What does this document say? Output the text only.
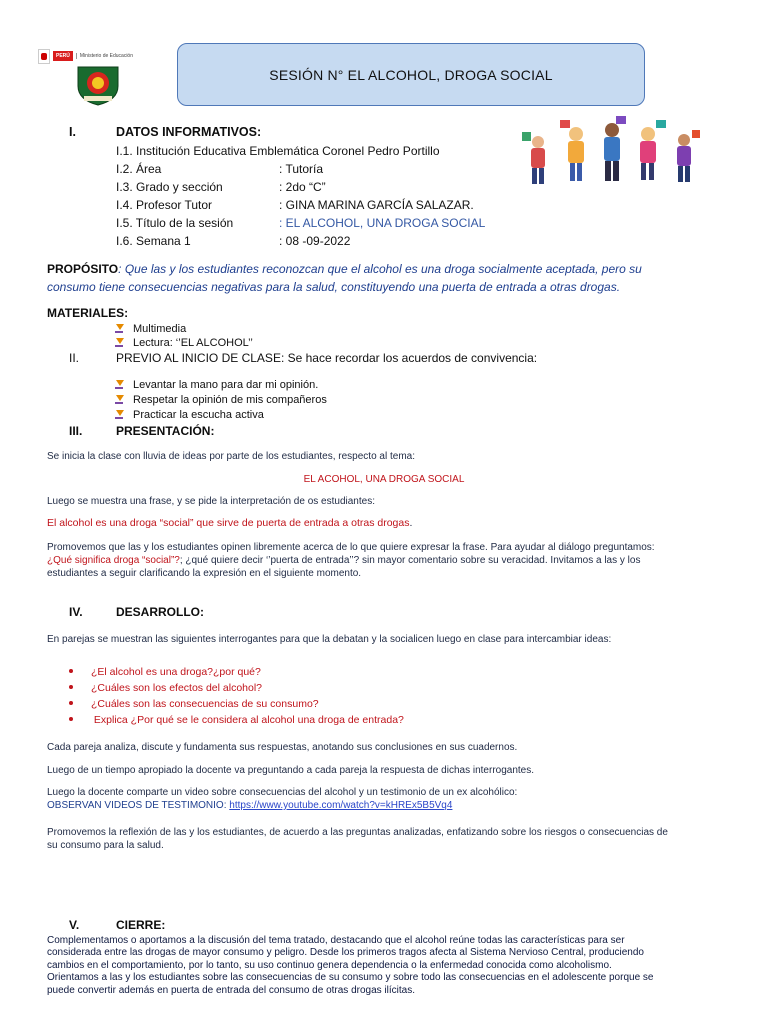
PERÚ	Ministerio de Educación
SESIÓN N° EL ALCOHOL, DROGA SOCIAL
I.	DATOS INFORMATIVOS:
I.1. Institución Educativa Emblemática Coronel Pedro Portillo
I.2. Área	: Tutoría
I.3. Grado y sección	: 2do “C”
I.4. Profesor Tutor	: GINA MARINA GARCÍA SALAZAR.
I.5. Título de la sesión	: EL ALCOHOL, UNA DROGA SOCIAL
I.6. Semana 1	: 08 -09-2022
PROPÓSITO: Que las y los estudiantes reconozcan que el alcohol es una droga socialmente aceptada, pero su
consumo tiene consecuencias negativas para la salud, constituyendo una puerta de entrada a otras drogas.
MATERIALES:
Multimedia
Lectura: ‘’EL ALCOHOL’’
II.	PREVIO AL INICIO DE CLASE: Se hace recordar los acuerdos de convivencia:
Levantar la mano para dar mi opinión.
Respetar la opinión de mis compañeros
Practicar la escucha activa
III.	PRESENTACIÓN:
Se inicia la clase con lluvia de ideas por parte de los estudiantes, respecto al tema:
EL ACOHOL, UNA DROGA SOCIAL
Luego se muestra una frase, y se pide la interpretación de os estudiantes:
El alcohol es una droga “social” que sirve de puerta de entrada a otras drogas.
Promovemos que las y los estudiantes opinen libremente acerca de lo que quiere expresar la frase. Para ayudar al diálogo preguntamos:
¿Qué significa droga “social”?; ¿qué quiere decir ‘’puerta de entrada’’? sin mayor comentario sobre su veracidad. Invitamos a las y los
estudiantes a seguir clarificando la expresión en el siguiente momento.
IV.	DESARROLLO:
En parejas se muestran las siguientes interrogantes para que la debatan y la socialicen luego en clase para intercambiar ideas:
¿El alcohol es una droga?¿por qué?
¿Cuáles son los efectos del alcohol?
¿Cuáles son las consecuencias de su consumo?
Explica ¿Por qué se le considera al alcohol una droga de entrada?
Cada pareja analiza, discute y fundamenta sus respuestas, anotando sus conclusiones en sus cuadernos.
Luego de un tiempo apropiado la docente va preguntando a cada pareja la respuesta de dichas interrogantes.
Luego la docente comparte un video sobre consecuencias del alcohol y un testimonio de un ex alcohólico:
OBSERVAN VIDEOS DE TESTIMONIO: https://www.youtube.com/watch?v=kHREx5B5Vq4
Promovemos la reflexión de las y los estudiantes, de acuerdo a las preguntas analizadas, enfatizando sobre los riesgos o consecuencias de
su consumo para la salud.
V.	CIERRE:
Complementamos o aportamos a la discusión del tema tratado, destacando que el alcohol reúne todas las características para ser
considerada entre las drogas de mayor consumo y peligro. Desde los primeros tragos afecta al Sistema Nervioso Central, produciendo
cambios en el comportamiento, por lo tanto, su uso continuo genera dependencia o la enfermedad conocida como alcoholismo.
Orientamos a las y los estudiantes sobre las consecuencias de su consumo y sobre todo las consecuencias en el adolescente porque se
puede convertir además en puerta de entrada del consumo de otras drogas ilícitas.
